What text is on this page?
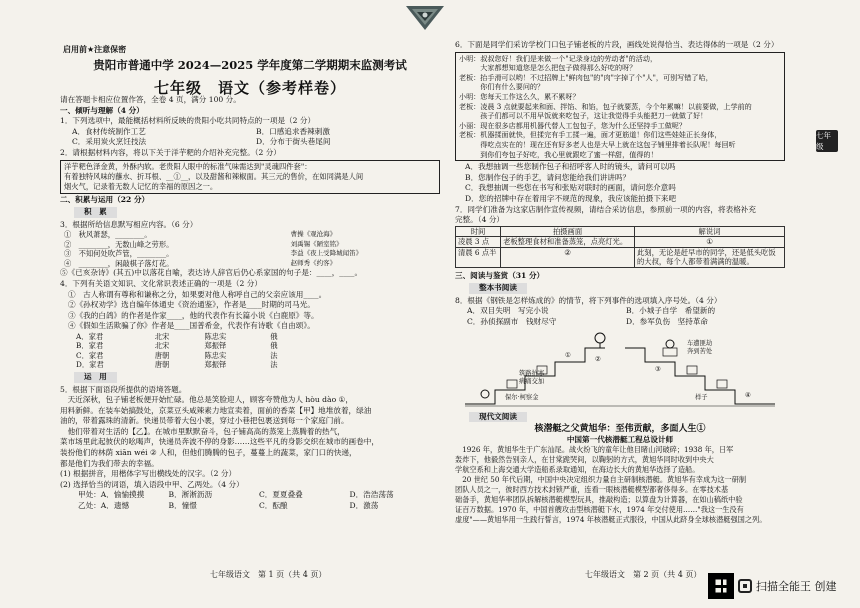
七年级
启用前★注意保密
贵阳市普通中学 2024—2025 学年度第二学期期末监测考试
七年级　语文（参考样卷）
请在答题卡相应位置作答，全卷 4 页，满分 100 分。
一、倾听与理解（4 分）
1．下列选项中，最能概括材料所反映的贵阳小吃共同特点的一项是（2 分）
A．食材传统制作工艺	B．口感追求香辣刺激
C．采用炭火烹饪技法	D．分布于街头巷尾间
2．请根据材料内容，将以下关于洋芋粑的介绍补充完整。（2 分）
洋芋粑色泽金黄，外酥内软。老贵阳人眼中的标准气味需达到"灵魂四件套"：
有着独特风味的蘸水、折耳根、__①__，以及甜酱和辣椒面。其三元的售价，在如同满是人间
烟火气，记录着无数人记忆的幸福的原因之一。
二、积累与运用（22 分）
积　累
3．根据所给信息默写相应内容。（6 分）
①　秋风萧瑟，________。	曹操《观沧海》
②　________，无数山峰之劳形。	刘禹锡《陋室铭》
③　不知何处吹芦管，________。	李益《夜上受降城闻笛》
④　________，闲敲棋子落灯花。	赵师秀《约客》
⑤《已亥杂诗》(其五)中以落花自喻，表达诗人辞官后仍心系家国的句子是：____，____。
4．下列有关语文知识、文化常识表述正确的一项是（2 分）
①　古人称谓有尊称和谦称之分，如果要对他人称呼自己的父亲应该用____。
②《孙权劝学》选自编年体通史《资治通鉴》，作者是____时期的司马光。
③《我的白鸽》的作者是作家____，他的代表作有长篇小说《白鹿原》等。
④《假如生活欺骗了你》作者是____国普希金，代表作有诗歌《自由颂》。
A．家君	北宋	陈忠实	俄
B．家君	北宋	郑振铎	俄
C．家君	唐朝	陈忠实	法
D．家君	唐朝	郑振铎	法
运　用
5．根据下面语段所提供的语境答题。
　天近深秋，包子铺老板便开始忙碌。他总是笑脸迎人，顾客夸赞他为人 hòu dào ①，
用料新鲜。在装车始搞鼓处，京菜豆头咸辣素力地宣卖着，面前的香菜【甲】地堆放着，绿油
油的，带着露珠的清新。快递员带着大包小裹，穿过小巷把包裹送到每一个家庭门前。
　他们带着对生活的【乙】。在城市里默默奋斗，包子铺高高的蒸笼上蒸腾着的热气，
菜市场里此起彼伏的吆喝声，快递员奔波不停的身影……这些平凡的身影交织在城市的画卷中，
装扮他们的林荫 xiān wéi ② 人和，但他们腾腾的包子，蔓蔓上的蔬菜，家门口的快递，
都是他们为我们带去的幸福。
(1) 根据拼音，用楷体字写出横线处的汉字。（2 分）
(2) 选择恰当的词语，填入语段中甲、乙两处。（4 分）
甲处：A．愉愉摸摸	B．淅淅沥沥	C．夏夏叠叠	D．浩浩荡荡
乙处：A．遗憾	B．憧憬	C．酝酿	D．激荡
6．下面是同学们采访学校门口包子铺老板的片段，画线处说得恰当、表达得体的一项是（2 分）
小明：叔叔您好！我们是来做一个"记录身边的劳动者"的活动，
　　　大家都想知道您是怎么把包子做得那么好吃的呀？
老板：抬手滑可以哟！不过招牌上"鲜肉包"的"肉"字掉了个"人"，可别写错了哈，
　　　你们有什么要问的？
小明：您每天工作这么久，累不累呀？
老板：凌晨 3 点就要起来和面、拌馅、和馅，包子就要蒸，今个年累嘛！以前要做，上学前的
　　　孩子们都可以不用早饭就来吃包子，这让我觉得手头能把刀一就做了好！
小丽：现在很多店都用机器代替人工包包子，您为什么还坚持手工做呢？
老板：机器揉面就快，但揉完有手工揉一遍，面才更筋道！你们这些娃娃正长身体，
　　　得吃点实在的！现在还有好多老人也是大早上就在这包子铺里排着长队呢！每回听
　　　到你们夸包子好吃，我心里就跟吃了蜜一样甜，值得的！
A．我想抽调一些您制作包子和招呼客人时的镜头，请问可以吗
B．您制作包子的手艺，请问您能给我们讲讲吗？
C．我想抽调一些您在书写和张贴对联时的画面，请问您介意吗
D．您的招牌中存在着用字不规范的现象，我应该能拍摄下来吧
7．同学们准备为这家店制作宣传视频，请结合采访信息，参照前一项的内容，将表格补充
完整。（4 分）
时间	拍摄画面	解说词
凌晨 3 点	老板整理食材和准备蒸笼，点亮灯光。	①
清晨 6 点半	②	此刻，无论是赶早市的同学，还是低头吃饭的大叔，每个人都带着满满的温暖。
三、阅读与鉴赏（31 分）
整本书阅读
8．根据《钢铁是怎样炼成的》的情节，将下列事件的选项填入序号处。（4 分）
A．双目失明　写完小说	B．小城子自学　希望新的
C．孙侦探副市　钱财尽守	D．参军负伤　坚持革命
筑路抗寒
病痛交加
保尔·柯察金
车遭匪劫
奔到苦处
样子
①
②
③
④
现代文阅读
核潜艇之父黄旭华：至伟贡献，多面人生①
中国第一代核潜艇工程总设计师
　1926 年，黄旭华生于广东汕尾。战火纷飞的童年让他目睹山河破碎；1938 年，日军
轰炸下，他毅然告别亲人，在甘棠跪哭间，以鞠躬的方式，黄旭华同时收到中央大
学航空系和上海交通大学造船系录取通知，在海边长大的黄旭华选择了造船。
　20 世纪 50 年代后期，中国中央决定组织力量自主研制核潜艇。黄旭华有幸成为这一研制
团队人员之一，彼时西方技术封锁严重，连看一眼核潜艇模型都奢侈得多。在零技术基
础备手，黄旭华率团队拆解核潜艇模型玩具，推敲构造；以算盘为计算器，在如山稿纸中验
证百万数据。1970 年，中国首艘攻击型核潜艇下水，1974 年交付使用……"我这一生没有
虚度"——黄旭华用一生践行誓言，1974 年核潜艇正式服役，中国从此跻身全球核潜艇强国之列。
七年级语文　第 1 页（共 4 页）	七年级语文　第 2 页（共 4 页）
扫描全能王 创建
